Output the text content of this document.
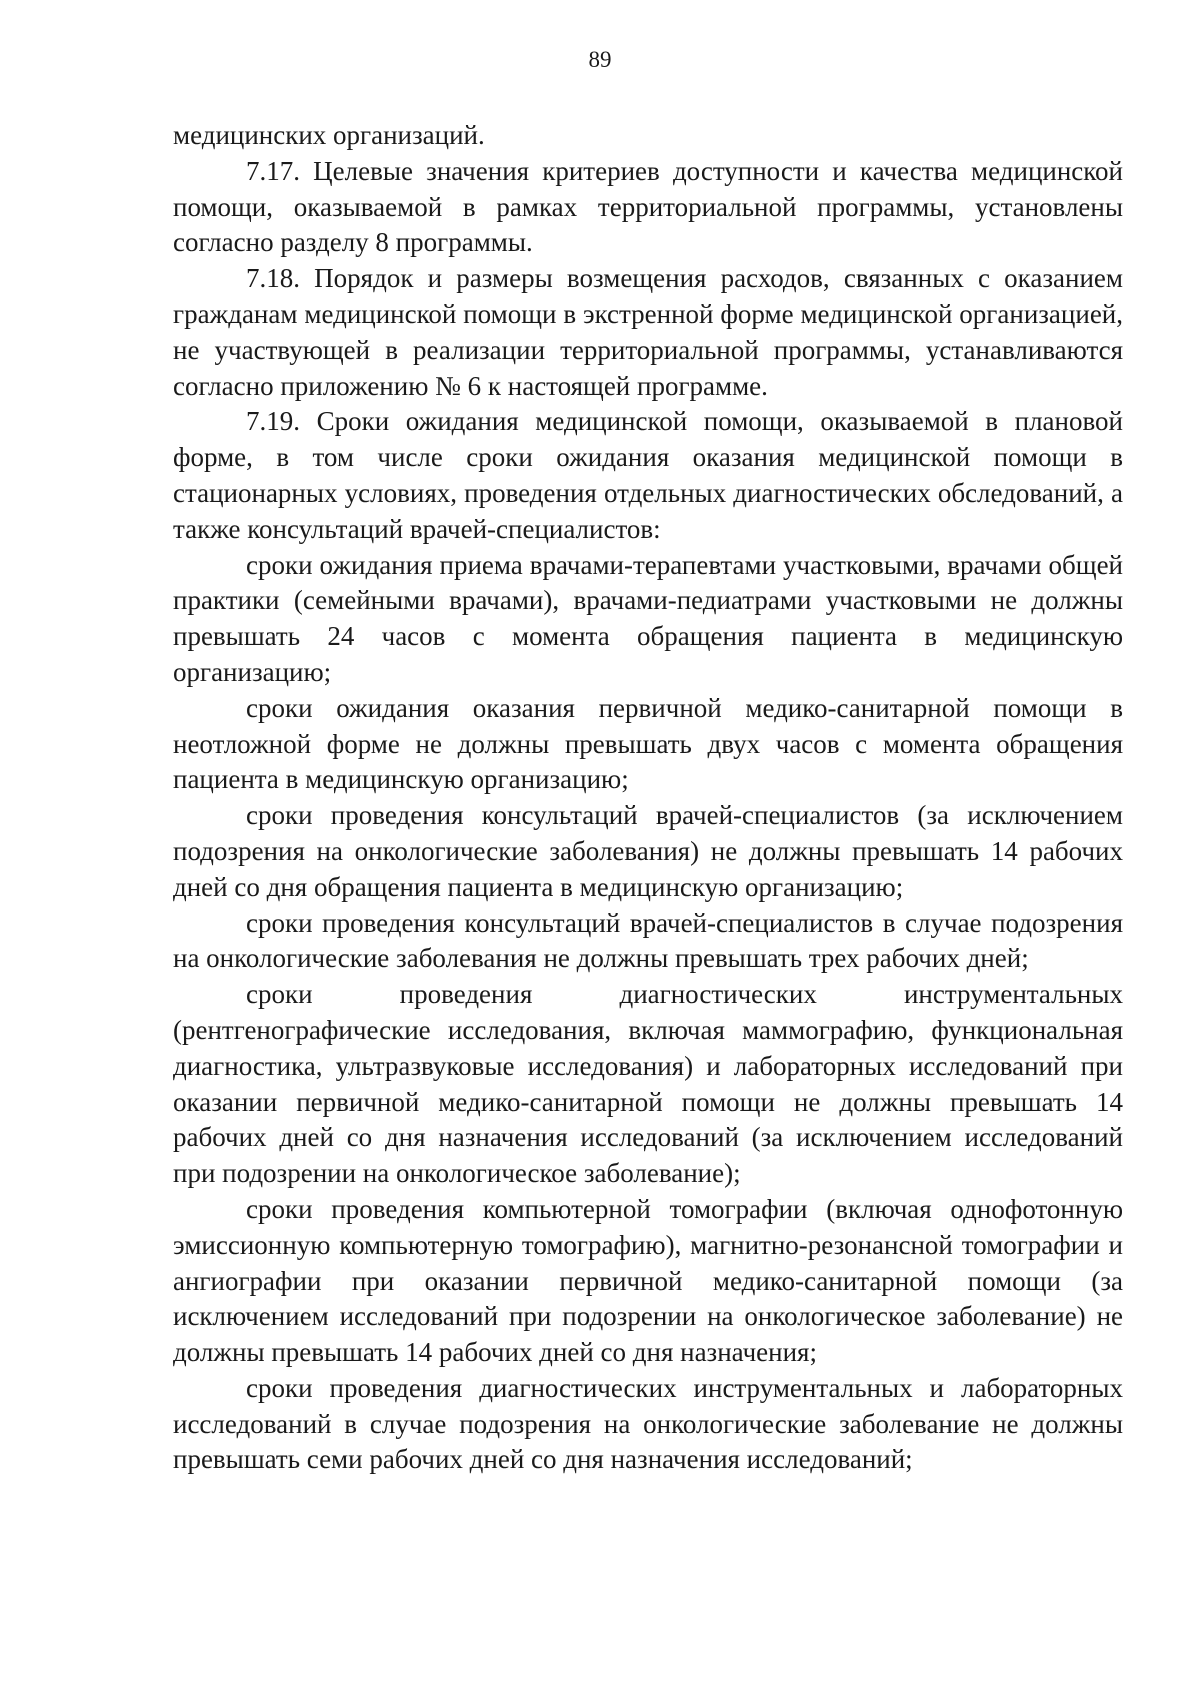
89

медицинских организаций.

7.17. Целевые значения критериев доступности и качества медицинской помощи, оказываемой в рамках территориальной программы, установлены согласно разделу 8 программы.

7.18. Порядок и размеры возмещения расходов, связанных с оказанием гражданам медицинской помощи в экстренной форме медицинской организацией, не участвующей в реализации территориальной программы, устанавливаются согласно приложению № 6 к настоящей программе.

7.19. Сроки ожидания медицинской помощи, оказываемой в плановой форме, в том числе сроки ожидания оказания медицинской помощи в стационарных условиях, проведения отдельных диагностических обследований, а также консультаций врачей-специалистов:

сроки ожидания приема врачами-терапевтами участковыми, врачами общей практики (семейными врачами), врачами-педиатрами участковыми не должны превышать 24 часов с момента обращения пациента в медицинскую организацию;

сроки ожидания оказания первичной медико-санитарной помощи в неотложной форме не должны превышать двух часов с момента обращения пациента в медицинскую организацию;

сроки проведения консультаций врачей-специалистов (за исключением подозрения на онкологические заболевания) не должны превышать 14 рабочих дней со дня обращения пациента в медицинскую организацию;

сроки проведения консультаций врачей-специалистов в случае подозрения на онкологические заболевания не должны превышать трех рабочих дней;

сроки проведения диагностических инструментальных (рентгенографические исследования, включая маммографию, функциональная диагностика, ультразвуковые исследования) и лабораторных исследований при оказании первичной медико-санитарной помощи не должны превышать 14 рабочих дней со дня назначения исследований (за исключением исследований при подозрении на онкологическое заболевание);

сроки проведения компьютерной томографии (включая однофотонную эмиссионную компьютерную томографию), магнитно-резонансной томографии и ангиографии при оказании первичной медико-санитарной помощи (за исключением исследований при подозрении на онкологическое заболевание) не должны превышать 14 рабочих дней со дня назначения;

сроки проведения диагностических инструментальных и лабораторных исследований в случае подозрения на онкологические заболевание не должны превышать семи рабочих дней со дня назначения исследований;
